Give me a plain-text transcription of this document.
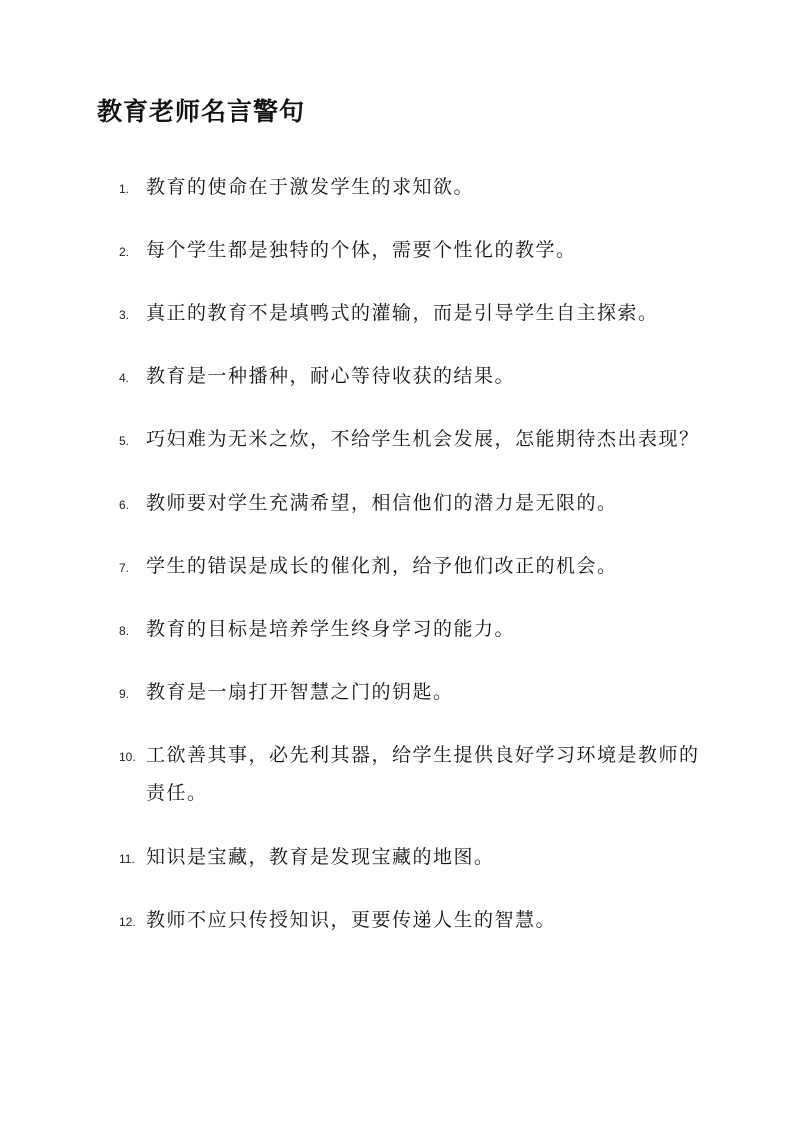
教育老师名言警句
1. 教育的使命在于激发学生的求知欲。
2. 每个学生都是独特的个体，需要个性化的教学。
3. 真正的教育不是填鸭式的灌输，而是引导学生自主探索。
4. 教育是一种播种，耐心等待收获的结果。
5. 巧妇难为无米之炊，不给学生机会发展，怎能期待杰出表现？
6. 教师要对学生充满希望，相信他们的潜力是无限的。
7. 学生的错误是成长的催化剂，给予他们改正的机会。
8. 教育的目标是培养学生终身学习的能力。
9. 教育是一扇打开智慧之门的钥匙。
10. 工欲善其事，必先利其器，给学生提供良好学习环境是教师的责任。
11. 知识是宝藏，教育是发现宝藏的地图。
12. 教师不应只传授知识，更要传递人生的智慧。
